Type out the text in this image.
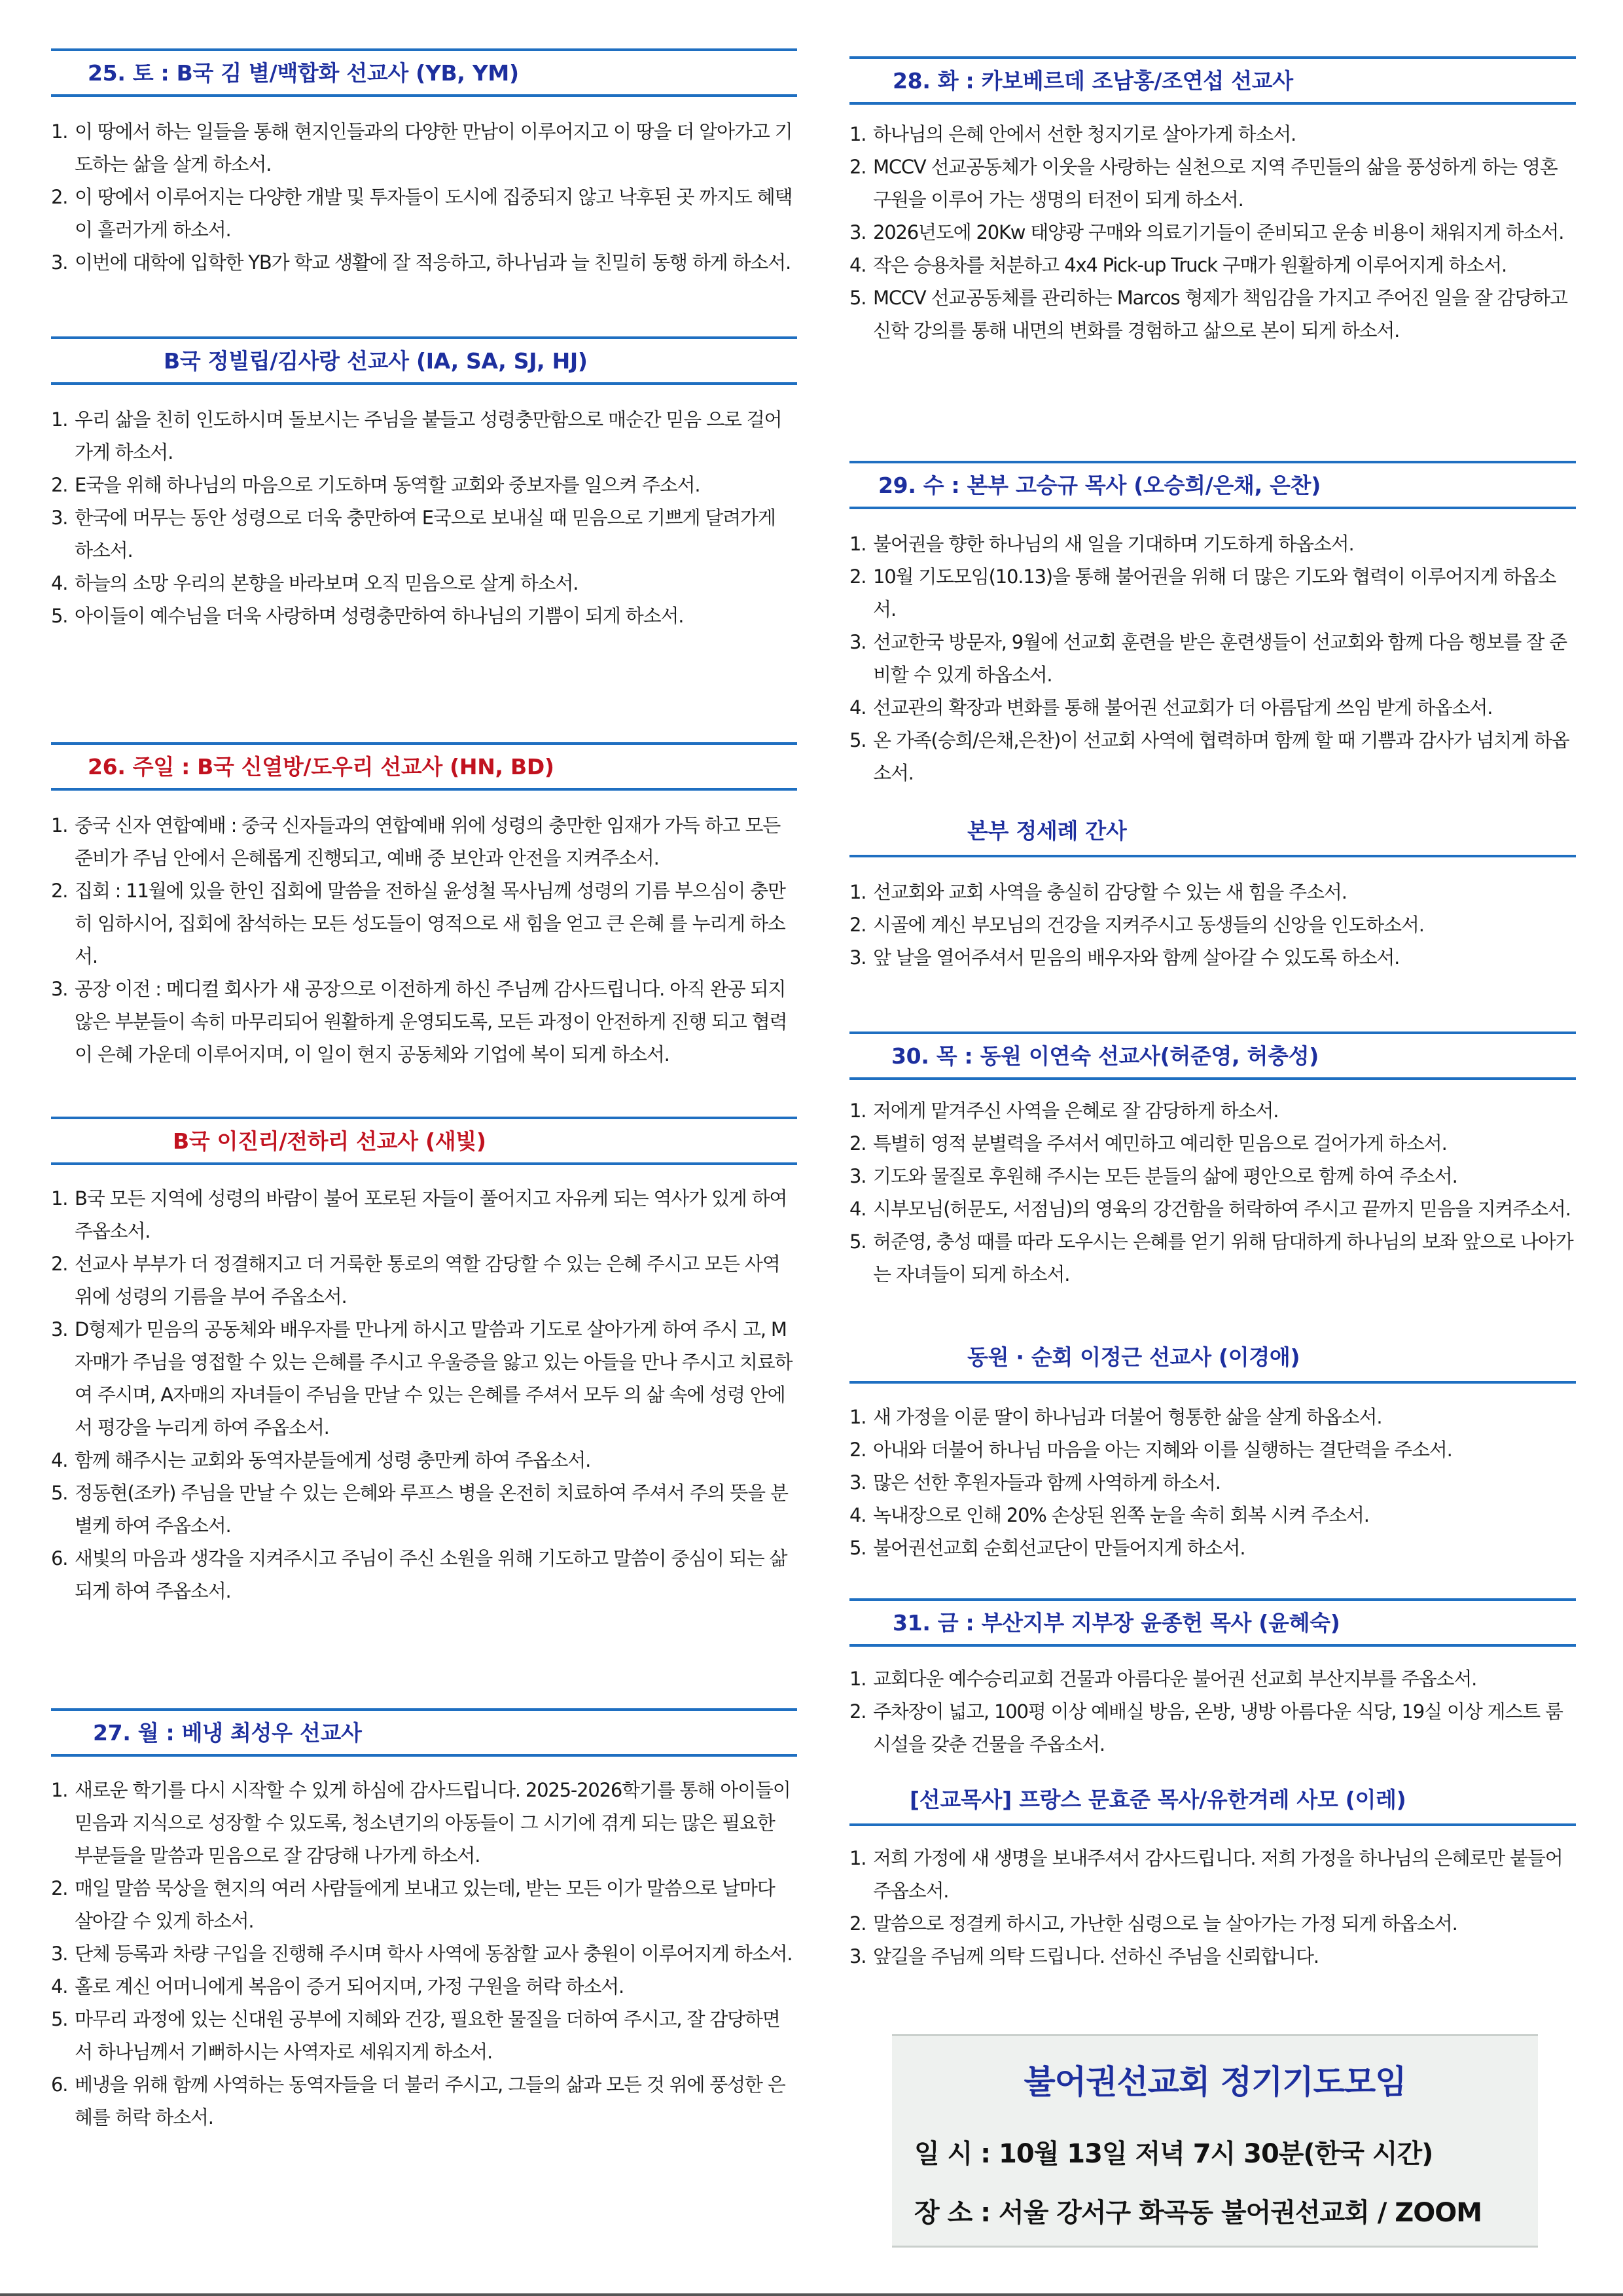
25. 토 : B국 김 별/백합화 선교사 (YB, YM)
1. 이 땅에서 하는 일들을 통해 현지인들과의 다양한 만남이 이루어지고 이 땅을 더 알아가고 기도하는 삶을 살게 하소서.
2. 이 땅에서 이루어지는 다양한 개발 및 투자들이 도시에 집중되지 않고 낙후된 곳 까지도 혜택이 흘러가게 하소서.
3. 이번에 대학에 입학한 YB가 학교 생활에 잘 적응하고, 하나님과 늘 친밀히 동행 하게 하소서.
B국 정빌립/김사랑 선교사 (IA, SA, SJ, HJ)
1. 우리 삶을 친히 인도하시며 돌보시는 주님을 붙들고 성령충만함으로 매순간 믿음 으로 걸어가게 하소서.
2. E국을 위해 하나님의 마음으로 기도하며 동역할 교회와 중보자를 일으켜 주소서.
3. 한국에 머무는 동안 성령으로 더욱 충만하여 E국으로 보내실 때 믿음으로 기쁘게 달려가게 하소서.
4. 하늘의 소망 우리의 본향을 바라보며 오직 믿음으로 살게 하소서.
5. 아이들이 예수님을 더욱 사랑하며 성령충만하여 하나님의 기쁨이 되게 하소서.
26. 주일 : B국 신열방/도우리 선교사 (HN, BD)
1. 중국 신자 연합예배 : 중국 신자들과의 연합예배 위에 성령의 충만한 임재가 가득 하고 모든 준비가 주님 안에서 은혜롭게 진행되고, 예배 중 보안과 안전을 지켜주소서.
2. 집회 : 11월에 있을 한인 집회에 말씀을 전하실 윤성철 목사님께 성령의 기름 부으심이 충만히 임하시어, 집회에 참석하는 모든 성도들이 영적으로 새 힘을 얻고 큰 은혜 를 누리게 하소서.
3. 공장 이전 : 메디컬 회사가 새 공장으로 이전하게 하신 주님께 감사드립니다. 아직 완공 되지 않은 부분들이 속히 마무리되어 원활하게 운영되도록, 모든 과정이 안전하게 진행 되고 협력이 은혜 가운데 이루어지며, 이 일이 현지 공동체와 기업에 복이 되게 하소서.
B국 이진리/전하리 선교사 (새빛)
1. B국 모든 지역에 성령의 바람이 불어 포로된 자들이 풀어지고 자유케 되는 역사가 있게 하여 주옵소서.
2. 선교사 부부가 더 정결해지고 더 거룩한 통로의 역할 감당할 수 있는 은혜 주시고 모든 사역 위에 성령의 기름을 부어 주옵소서.
3. D형제가 믿음의 공동체와 배우자를 만나게 하시고 말씀과 기도로 살아가게 하여 주시 고, M자매가 주님을 영접할 수 있는 은혜를 주시고 우울증을 앓고 있는 아들을 만나 주시고 치료하여 주시며, A자매의 자녀들이 주님을 만날 수 있는 은혜를 주셔서 모두 의 삶 속에 성령 안에서 평강을 누리게 하여 주옵소서.
4. 함께 해주시는 교회와 동역자분들에게 성령 충만케 하여 주옵소서.
5. 정동현(조카) 주님을 만날 수 있는 은혜와 루프스 병을 온전히 치료하여 주셔서 주의 뜻을 분별케 하여 주옵소서.
6. 새빛의 마음과 생각을 지켜주시고 주님이 주신 소원을 위해 기도하고 말씀이 중심이 되는 삶 되게 하여 주옵소서.
27. 월 : 베냉 최성우 선교사
1. 새로운 학기를 다시 시작할 수 있게 하심에 감사드립니다. 2025-2026학기를 통해 아이들이 믿음과 지식으로 성장할 수 있도록, 청소년기의 아동들이 그 시기에 겪게 되는 많은 필요한 부분들을 말씀과 믿음으로 잘 감당해 나가게 하소서.
2. 매일 말씀 묵상을 현지의 여러 사람들에게 보내고 있는데, 받는 모든 이가 말씀으로 날마다 살아갈 수 있게 하소서.
3. 단체 등록과 차량 구입을 진행해 주시며 학사 사역에 동참할 교사 충원이 이루어지게 하소서.
4. 홀로 계신 어머니에게 복음이 증거 되어지며, 가정 구원을 허락 하소서.
5. 마무리 과정에 있는 신대원 공부에 지혜와 건강, 필요한 물질을 더하여 주시고, 잘 감당하면서 하나님께서 기뻐하시는 사역자로 세워지게 하소서.
6. 베냉을 위해 함께 사역하는 동역자들을 더 불러 주시고, 그들의 삶과 모든 것 위에 풍성한 은혜를 허락 하소서.
28. 화 : 카보베르데 조남홍/조연섭 선교사
1. 하나님의 은혜 안에서 선한 청지기로 살아가게 하소서.
2. MCCV 선교공동체가 이웃을 사랑하는 실천으로 지역 주민들의 삶을 풍성하게 하는 영혼 구원을 이루어 가는 생명의 터전이 되게 하소서.
3. 2026년도에 20Kw 태양광 구매와 의료기기들이 준비되고 운송 비용이 채워지게 하소서.
4. 작은 승용차를 처분하고 4x4 Pick-up Truck 구매가 원활하게 이루어지게 하소서.
5. MCCV 선교공동체를 관리하는 Marcos 형제가 책임감을 가지고 주어진 일을 잘 감당하고 신학 강의를 통해 내면의 변화를 경험하고 삶으로 본이 되게 하소서.
29. 수 : 본부 고승규 목사 (오승희/은채, 은찬)
1. 불어권을 향한 하나님의 새 일을 기대하며 기도하게 하옵소서.
2. 10월 기도모임(10.13)을 통해 불어권을 위해 더 많은 기도와 협력이 이루어지게 하옵소서.
3. 선교한국 방문자, 9월에 선교회 훈련을 받은 훈련생들이 선교회와 함께 다음 행보를 잘 준비할 수 있게 하옵소서.
4. 선교관의 확장과 변화를 통해 불어권 선교회가 더 아름답게 쓰임 받게 하옵소서.
5. 온 가족(승희/은채,은찬)이 선교회 사역에 협력하며 함께 할 때 기쁨과 감사가 넘치게 하옵소서.
본부 정세례 간사
1. 선교회와 교회 사역을 충실히 감당할 수 있는 새 힘을 주소서.
2. 시골에 계신 부모님의 건강을 지켜주시고 동생들의 신앙을 인도하소서.
3. 앞 날을 열어주셔서 믿음의 배우자와 함께 살아갈 수 있도록 하소서.
30. 목 : 동원 이연숙 선교사(허준영, 허충성)
1. 저에게 맡겨주신 사역을 은혜로 잘 감당하게 하소서.
2. 특별히 영적 분별력을 주셔서 예민하고 예리한 믿음으로 걸어가게 하소서.
3. 기도와 물질로 후원해 주시는 모든 분들의 삶에 평안으로 함께 하여 주소서.
4. 시부모님(허문도, 서점님)의 영육의 강건함을 허락하여 주시고 끝까지 믿음을 지켜주소서.
5. 허준영, 충성 때를 따라 도우시는 은혜를 얻기 위해 담대하게 하나님의 보좌 앞으로 나아가는 자녀들이 되게 하소서.
동원 · 순회 이정근 선교사 (이경애)
1. 새 가정을 이룬 딸이 하나님과 더불어 형통한 삶을 살게 하옵소서.
2. 아내와 더불어 하나님 마음을 아는 지혜와 이를 실행하는 결단력을 주소서.
3. 많은 선한 후원자들과 함께 사역하게 하소서.
4. 녹내장으로 인해 20% 손상된 왼쪽 눈을 속히 회복 시켜 주소서.
5. 불어권선교회 순회선교단이 만들어지게 하소서.
31. 금 : 부산지부 지부장 윤종헌 목사 (윤혜숙)
1. 교회다운 예수승리교회 건물과 아름다운 불어권 선교회 부산지부를 주옵소서.
2. 주차장이 넓고, 100평 이상 예배실 방음, 온방, 냉방 아름다운 식당, 19실 이상 게스트 룸 시설을 갖춘 건물을 주옵소서.
[선교목사] 프랑스 문효준 목사/유한겨레 사모 (이레)
1. 저희 가정에 새 생명을 보내주셔서 감사드립니다. 저희 가정을 하나님의 은혜로만 붙들어 주옵소서.
2. 말씀으로 정결케 하시고, 가난한 심령으로 늘 살아가는 가정 되게 하옵소서.
3. 앞길을 주님께 의탁 드립니다. 선하신 주님을 신뢰합니다.
불어권선교회 정기기도모임
일 시 : 10월 13일 저녁 7시 30분(한국 시간)
장 소 : 서울 강서구 화곡동 불어권선교회 / ZOOM
